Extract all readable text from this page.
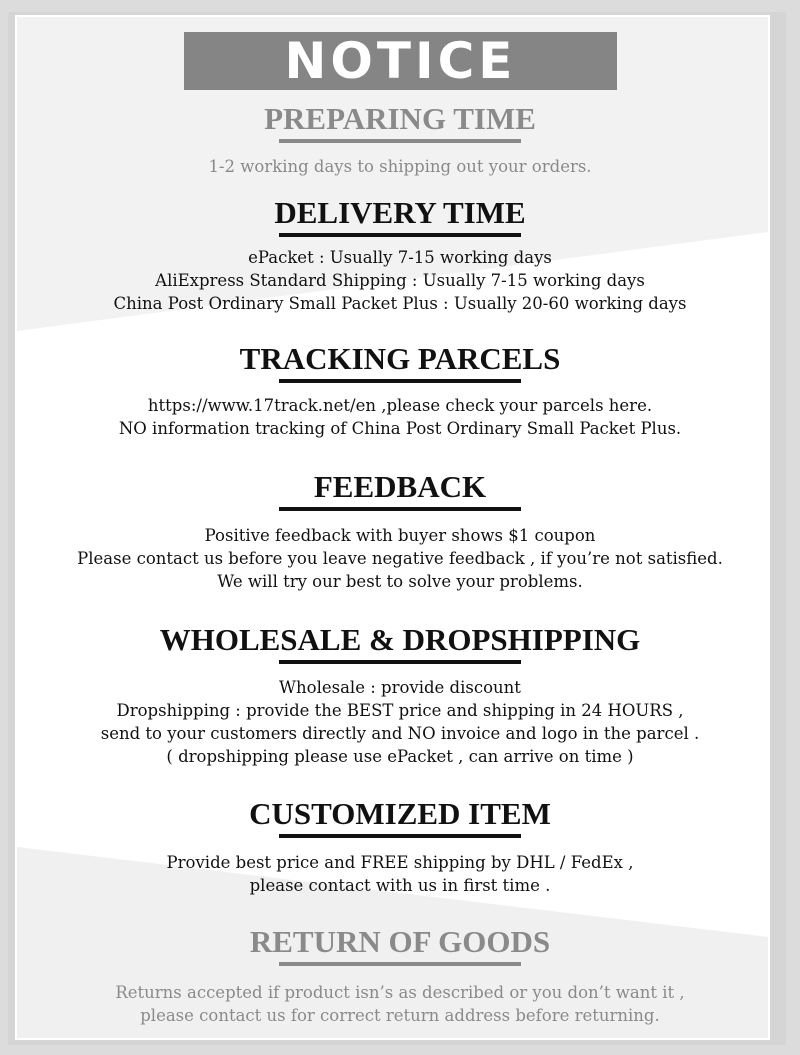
NOTICE
PREPARING TIME

1-2 working days to shipping out your orders.

DELIVERY TIME

ePacket : Usually 7-15 working days
AliExpress Standard Shipping : Usually 7-15 working days
China Post Ordinary Small Packet Plus : Usually 20-60 working days

TRACKING PARCELS

https://www.17track.net/en ,please check your parcels here.
NO information tracking of China Post Ordinary Small Packet Plus.

FEEDBACK

Positive feedback with buyer shows $1 coupon
Please contact us before you leave negative feedback , if you’re not satisfied.
We will try our best to solve your problems.

WHOLESALE & DROPSHIPPING

Wholesale : provide discount
Dropshipping : provide the BEST price and shipping in 24 HOURS ,
send to your customers directly and NO invoice and logo in the parcel .
( dropshipping please use ePacket , can arrive on time )

CUSTOMIZED ITEM

Provide best price and FREE shipping by DHL / FedEx ,
please contact with us in first time .

RETURN OF GOODS

Returns accepted if product isn’s as described or you don’t want it ,
please contact us for correct return address before returning.
